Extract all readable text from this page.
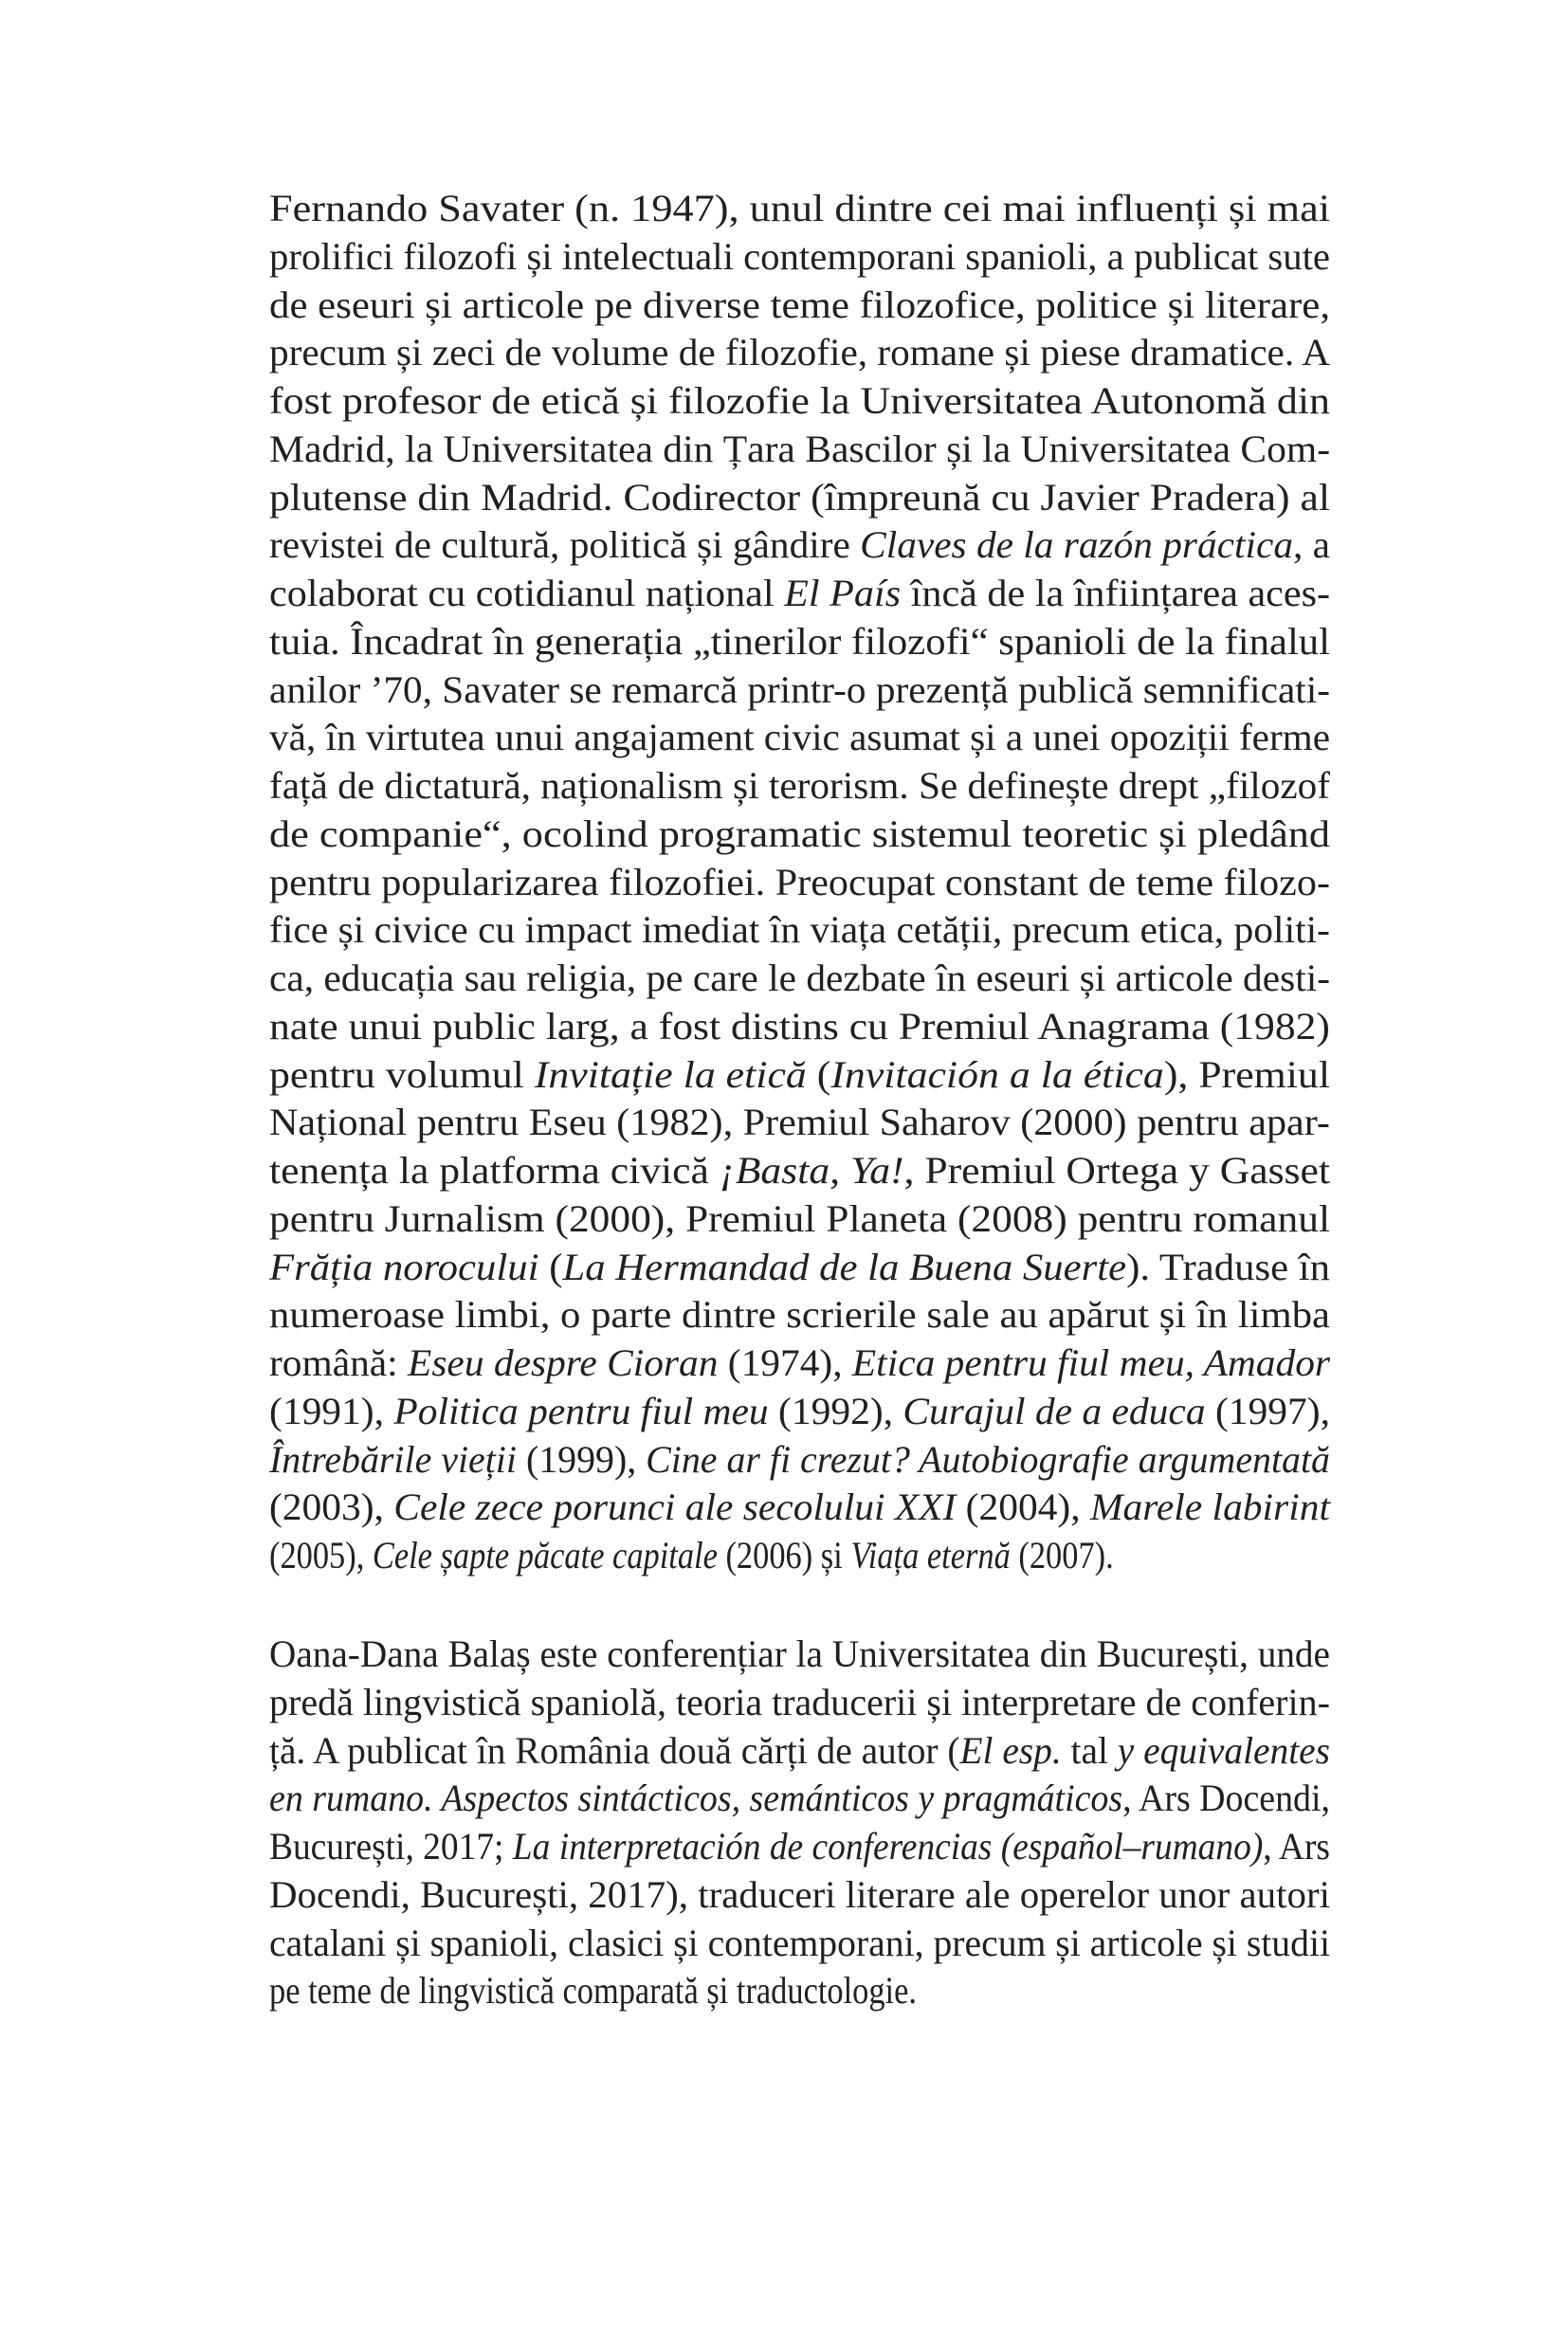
Fernando Savater (n. 1947), unul dintre cei mai influenți și mai
prolifici filozofi și intelectuali contemporani spanioli, a publicat sute
de eseuri și articole pe diverse teme filozofice, politice și literare,
precum și zeci de volume de filozofie, romane și piese dramatice. A
fost profesor de etică și filozofie la Universitatea Autonomă din
Madrid, la Universitatea din Țara Bascilor și la Universitatea Com-
plutense din Madrid. Codirector (împreună cu Javier Pradera) al
revistei de cultură, politică și gândire Claves de la razón práctica, a
colaborat cu cotidianul național El País încă de la înființarea aces-
tuia. Încadrat în generația „tinerilor filozofi“ spanioli de la finalul
anilor ’70, Savater se remarcă printr-o prezență publică semnificati-
vă, în virtutea unui angajament civic asumat și a unei opoziții ferme
față de dictatură, naționalism și terorism. Se definește drept „filozof
de companie“, ocolind programatic sistemul teoretic și pledând
pentru popularizarea filozofiei. Preocupat constant de teme filozo-
fice și civice cu impact imediat în viața cetății, precum etica, politi-
ca, educația sau religia, pe care le dezbate în eseuri și articole desti-
nate unui public larg, a fost distins cu Premiul Anagrama (1982)
pentru volumul Invitație la etică (Invitación a la ética), Premiul
Național pentru Eseu (1982), Premiul Saharov (2000) pentru apar-
tenența la platforma civică ¡Basta, Ya!, Premiul Ortega y Gasset
pentru Jurnalism (2000), Premiul Planeta (2008) pentru romanul
Frăția norocului (La Hermandad de la Buena Suerte). Traduse în
numeroase limbi, o parte dintre scrierile sale au apărut și în limba
română: Eseu despre Cioran (1974), Etica pentru fiul meu, Amador
(1991), Politica pentru fiul meu (1992), Curajul de a educa (1997),
Întrebările vieții (1999), Cine ar fi crezut? Autobiografie argumentată
(2003), Cele zece porunci ale secolului XXI (2004), Marele labirint
(2005), Cele șapte păcate capitale (2006) și Viața eternă (2007).
Oana-Dana Balaș este conferențiar la Universitatea din București, unde
predă lingvistică spaniolă, teoria traducerii și interpretare de conferin-
ță. A publicat în România două cărți de autor (El esp. tal y equivalentes
en rumano. Aspectos sintácticos, semánticos y pragmáticos, Ars Docendi,
București, 2017; La interpretación de conferencias (español–rumano), Ars
Docendi, București, 2017), traduceri literare ale operelor unor autori
catalani și spanioli, clasici și contemporani, precum și articole și studii
pe teme de lingvistică comparată și traductologie.
